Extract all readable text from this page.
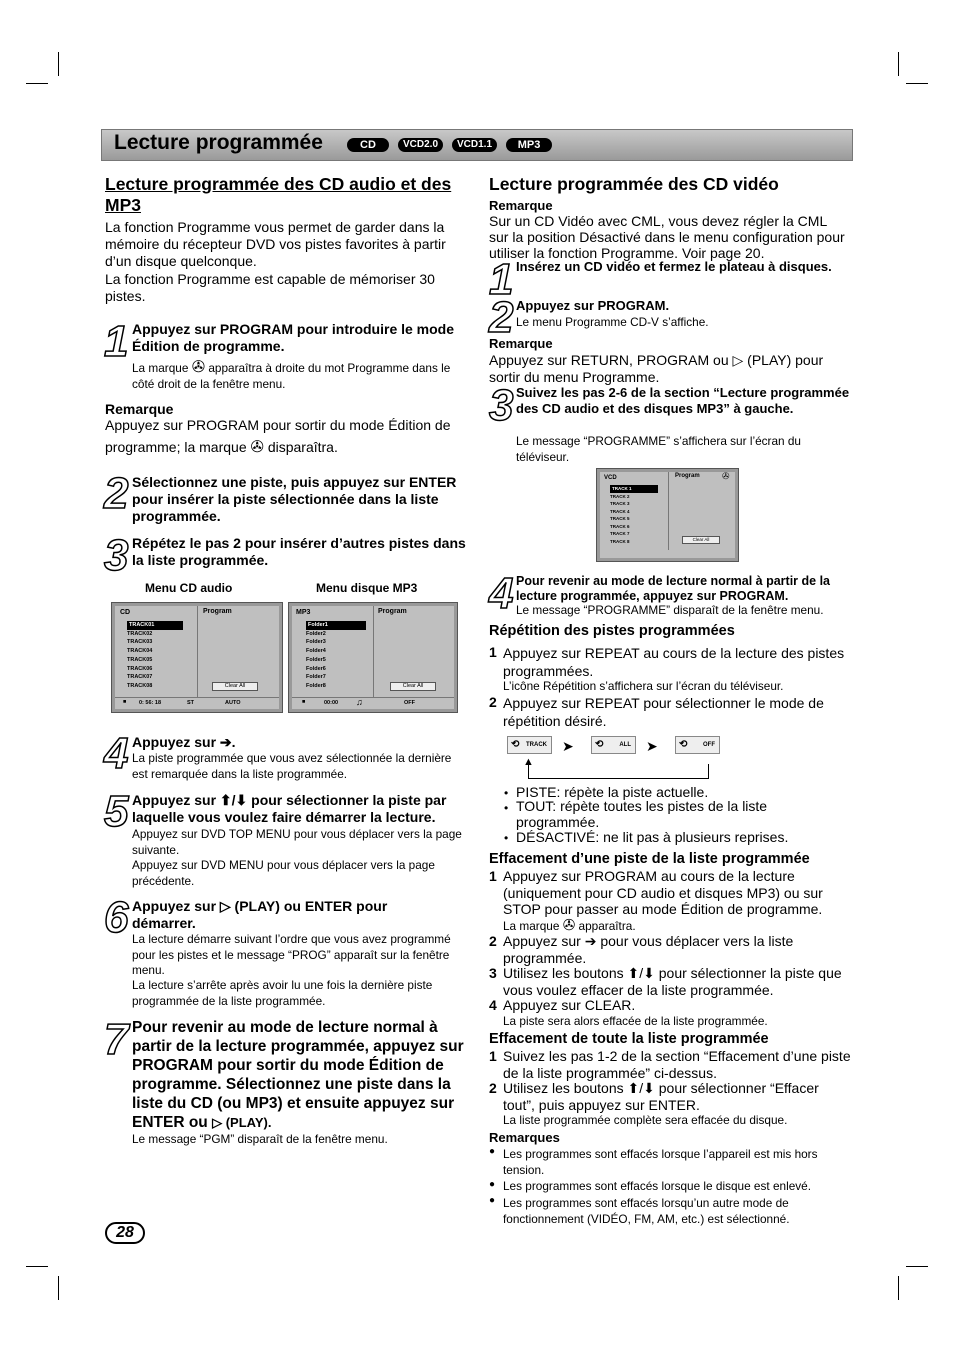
Lecture programmée	CD	VCD2.0	VCD1.1	MP3
Lecture programmée des CD audio et des MP3
La fonction Programme vous permet de garder dans la mémoire du récepteur DVD vos pistes favorites à partir d’un disque quelconque.
La fonction Programme est capable de mémoriser 30 pistes.
1 Appuyez sur PROGRAM pour introduire le mode Édition de programme.
La marque ✇ apparaîtra à droite du mot Programme dans le côté droit de la fenêtre menu.
Remarque
Appuyez sur PROGRAM pour sortir du mode Édition de
programme; la marque ✇ disparaîtra.
2 Sélectionnez une piste, puis appuyez sur ENTER pour insérer la piste sélectionnée dans la liste programmée.
3 Répétez le pas 2 pour insérer d’autres pistes dans la liste programmée.
Menu CD audio	Menu disque MP3
CD	Program
TRACK01
TRACK02
TRACK03
TRACK04
TRACK05
TRACK06
TRACK07
TRACK08	Clear All
■ 0: 56: 18	ST	AUTO
MP3	Program
Folder1
Folder2
Folder3
Folder4
Folder5
Folder6
Folder7
Folder8	Clear All
■	00:00 ♫	OFF
4 Appuyez sur ➔.
La piste programmée que vous avez sélectionnée la dernière est remarquée dans la liste programmée.
5 Appuyez sur ⬆/⬇ pour sélectionner la piste par laquelle vous voulez faire démarrer la lecture.
Appuyez sur DVD TOP MENU pour vous déplacer vers la page suivante.
Appuyez sur DVD MENU pour vous déplacer vers la page précédente.
6 Appuyez sur ▷ (PLAY) ou ENTER pour démarrer.
La lecture démarre suivant l’ordre que vous avez programmé pour les pistes et le message “PROG” apparaît sur la fenêtre menu.
La lecture s’arrête après avoir lu une fois la dernière piste programmée de la liste programmée.
7 Pour revenir au mode de lecture normal à partir de la lecture programmée, appuyez sur PROGRAM pour sortir du mode Édition de programme. Sélectionnez une piste dans la liste du CD (ou MP3) et ensuite appuyez sur ENTER ou ▷ (PLAY).
Le message “PGM” disparaît de la fenêtre menu.
Lecture programmée des CD vidéo
Remarque
Sur un CD Vidéo avec CML, vous devez régler la CML sur la position Désactivé dans le menu configuration pour utiliser la fonction Programme. Voir page 20.
1 Insérez un CD vidéo et fermez le plateau à disques.
2 Appuyez sur PROGRAM.
Le menu Programme CD-V s’affiche.
Remarque
Appuyez sur RETURN, PROGRAM ou ▷ (PLAY) pour sortir du menu Programme.
3 Suivez les pas 2-6 de la section “Lecture programmée des CD audio et des disques MP3” à gauche.
Le message “PROGRAMME” s’affichera sur l’écran du téléviseur.
VCD	Program ✇
TRACK 1
TRACK 2
TRACK 3
TRACK 4
TRACK 5
TRACK 6
TRACK 7
TRACK 8	Clear All
4 Pour revenir au mode de lecture normal à partir de la lecture programmée, appuyez sur PROGRAM.
Le message “PROGRAMME” disparaît de la fenêtre menu.
Répétition des pistes programmées
1 Appuyez sur REPEAT au cours de la lecture des pistes programmées.
L’icône Répétition s’affichera sur l’écran du téléviseur.
2 Appuyez sur REPEAT pour sélectionner le mode de répétition désiré.
⟲ TRACK	➤ ⟲	ALL	➤ ⟲	OFF
▲
• PISTE: répète la piste actuelle.
• TOUT: répète toutes les pistes de la liste programmée.
• DÉSACTIVÉ: ne lit pas à plusieurs reprises.
Effacement d’une piste de la liste programmée
1 Appuyez sur PROGRAM au cours de la lecture (uniquement pour CD audio et disques MP3) ou sur STOP pour passer au mode Édition de programme.
La marque ✇ apparaîtra.
2 Appuyez sur ➔ pour vous déplacer vers la liste programmée.
3 Utilisez les boutons ⬆/⬇ pour sélectionner la piste que vous voulez effacer de la liste programmée.
4 Appuyez sur CLEAR.
La piste sera alors effacée de la liste programmée.
Effacement de toute la liste programmée
1 Suivez les pas 1-2 de la section “Effacement d’une piste de la liste programmée” ci-dessus.
2 Utilisez les boutons ⬆/⬇ pour sélectionner “Effacer tout”, puis appuyez sur ENTER.
La liste programmée complète sera effacée du disque.
Remarques
● Les programmes sont effacés lorsque l’appareil est mis hors tension.
● Les programmes sont effacés lorsque le disque est enlevé.
● Les programmes sont effacés lorsqu’un autre mode de fonctionnement (VIDÉO, FM, AM, etc.) est sélectionné.
28
